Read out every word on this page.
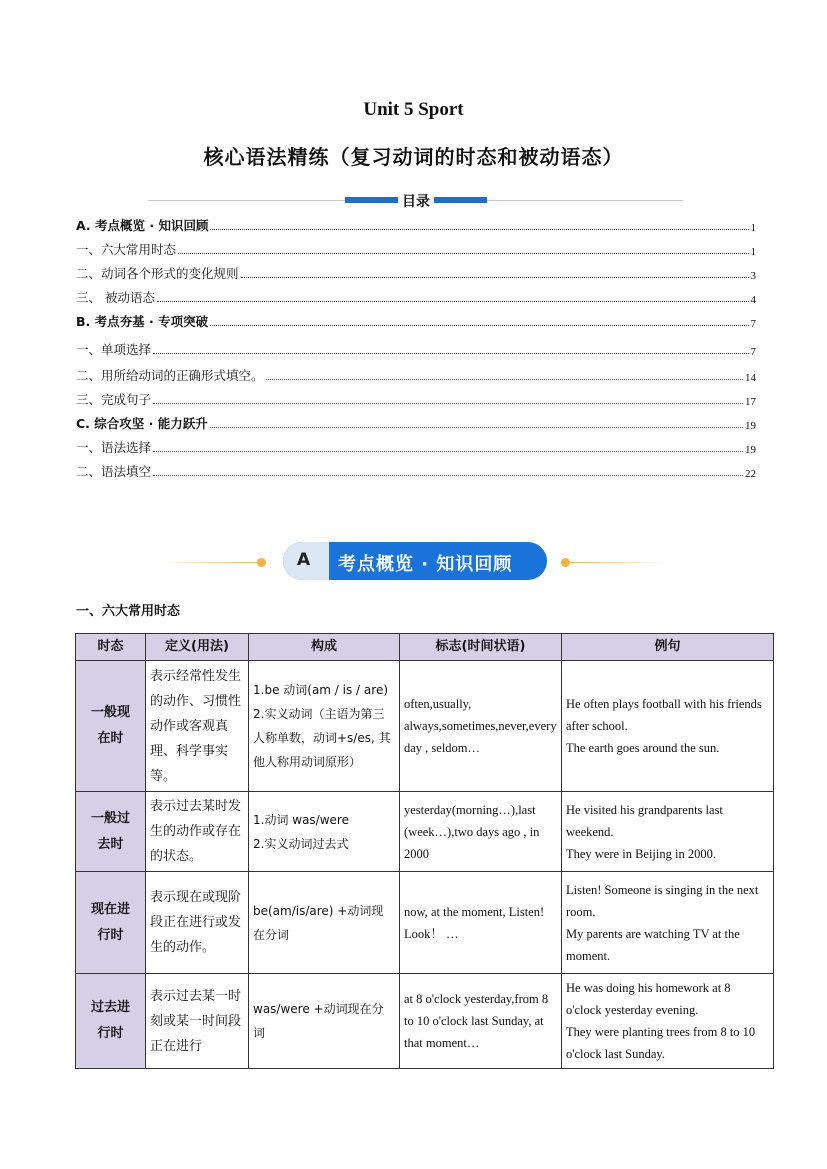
Unit 5 Sport
核心语法精练（复习动词的时态和被动语态）
目录
A. 考点概览 · 知识回顾	1
一、六大常用时态	1
二、动词各个形式的变化规则	3
三、 被动语态	4
B. 考点夯基 · 专项突破	7
一、单项选择	7
二、用所给动词的正确形式填空。	14
三、完成句子	17
C. 综合攻坚 · 能力跃升	19
一、语法选择	19
二、语法填空	22
A 考点概览 · 知识回顾
一、六大常用时态
时态	定义(用法)	构成	标志(时间状语)	例句

一般现
在时	表示经常性发生的动作、习惯性动作或客观真理、科学事实等。	1.be 动词(am / is / are)
2.实义动词（主语为第三人称单数，动词+s/es, 其他人称用动词原形）	often,usually, always,sometimes,never,every day , seldom…	He often plays football with his friends after school.
The earth goes around the sun.

一般过
去时	表示过去某时发生的动作或存在的状态。	1.动词 was/were
2.实义动词过去式	yesterday(morning…),last (week…),two days ago , in 2000	He visited his grandparents last weekend.
They were in Beijing in 2000.

现在进
行时	表示现在或现阶段正在进行或发生的动作。	be(am/is/are) +动词现在分词	now, at the moment, Listen! Look！ …	Listen! Someone is singing in the next room.
My parents are watching TV at the moment.

过去进
行时	表示过去某一时刻或某一时间段正在进行	was/were +动词现在分词	at 8 o'clock yesterday,from 8 to 10 o'clock last Sunday, at that moment…	He was doing his homework at 8 o'clock yesterday evening.
They were planting trees from 8 to 10 o'clock last Sunday.
